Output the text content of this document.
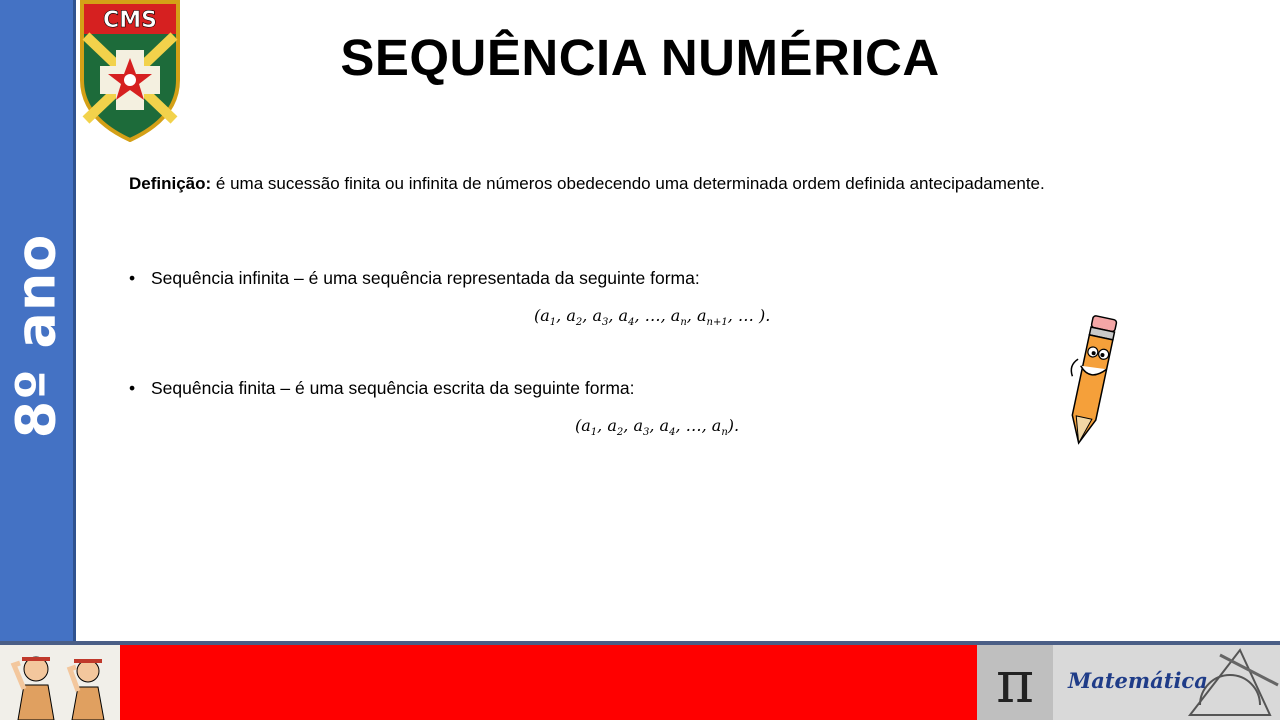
8º ano
CMS
SEQUÊNCIA NUMÉRICA
Definição: é uma sucessão finita ou infinita de números obedecendo uma determinada ordem definida antecipadamente.
• Sequência infinita – é uma sequência representada da seguinte forma:
($a_1$, $a_2$, $a_3$, $a_4$, …, $a_n$, $a_{n+1}$, … ).
• Sequência finita – é uma sequência escrita da seguinte forma:
($a_1$, $a_2$, $a_3$, $a_4$, …, $a_n$).
π	Matemática
